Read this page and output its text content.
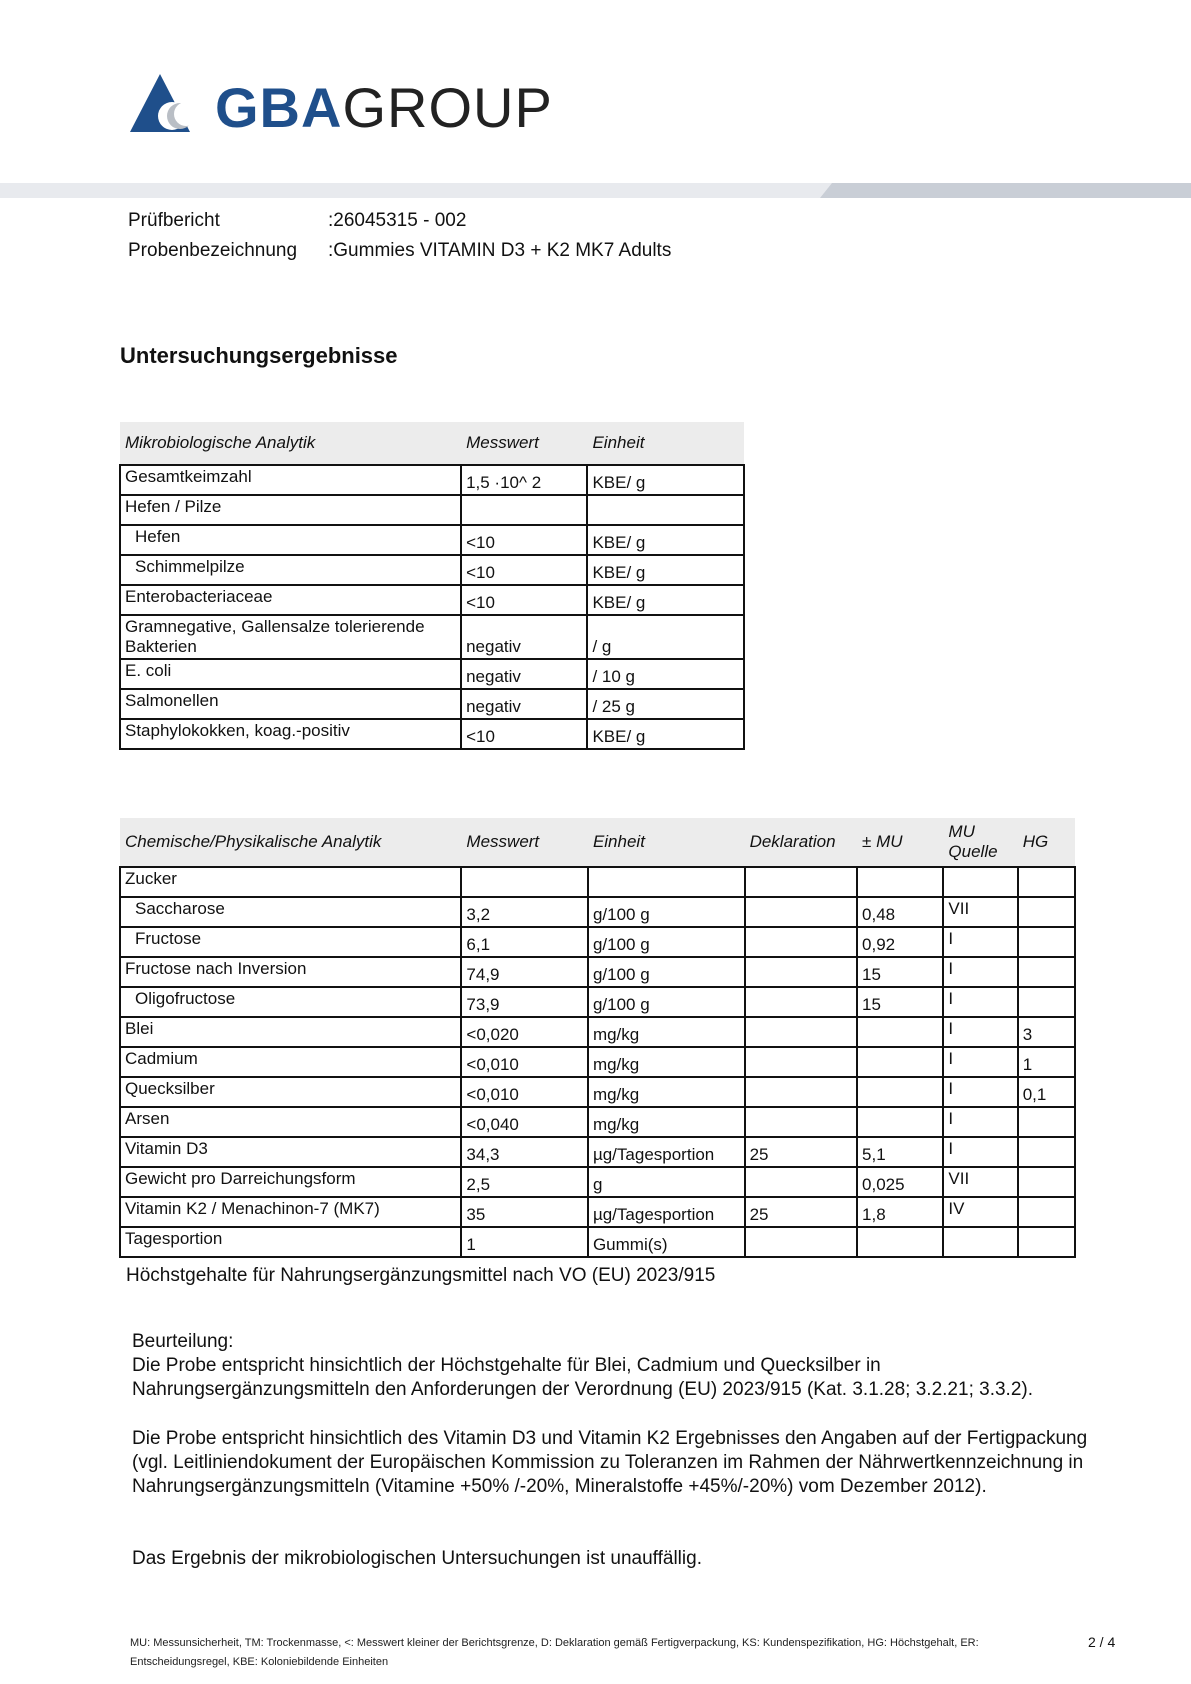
GBAGROUP
Prüfbericht	:26045315 - 002
Probenbezeichnung :Gummies VITAMIN D3 + K2 MK7 Adults
Untersuchungsergebnisse
Mikrobiologische Analytik	Messwert	Einheit
Gesamtkeimzahl	1,5 ·10^ 2	KBE/ g
Hefen / Pilze		
Hefen	<10	KBE/ g
Schimmelpilze	<10	KBE/ g
Enterobacteriaceae	<10	KBE/ g
Gramnegative, Gallensalze tolerierende Bakterien	negativ	/ g
E. coli	negativ	/ 10 g
Salmonellen	negativ	/ 25 g
Staphylokokken, koag.-positiv	<10	KBE/ g
Chemische/Physikalische Analytik	Messwert	Einheit	Deklaration	± MU	MU Quelle	HG
Zucker						
Saccharose	3,2	g/100 g		0,48	VII	
Fructose	6,1	g/100 g		0,92	I	
Fructose nach Inversion	74,9	g/100 g		15	I	
Oligofructose	73,9	g/100 g		15	I	
Blei	<0,020	mg/kg			I	3
Cadmium	<0,010	mg/kg			I	1
Quecksilber	<0,010	mg/kg			I	0,1
Arsen	<0,040	mg/kg			I	
Vitamin D3	34,3	µg/Tagesportion	25	5,1	I	
Gewicht pro Darreichungsform	2,5	g		0,025	VII	
Vitamin K2 / Menachinon-7 (MK7)	35	µg/Tagesportion	25	1,8	IV	
Tagesportion	1	Gummi(s)				
Höchstgehalte für Nahrungsergänzungsmittel nach VO (EU) 2023/915
Beurteilung:
Die Probe entspricht hinsichtlich der Höchstgehalte für Blei, Cadmium und Quecksilber in Nahrungsergänzungsmitteln den Anforderungen der Verordnung (EU) 2023/915 (Kat. 3.1.28; 3.2.21; 3.3.2).
Die Probe entspricht hinsichtlich des Vitamin D3 und Vitamin K2 Ergebnisses den Angaben auf der Fertigpackung (vgl. Leitliniendokument der Europäischen Kommission zu Toleranzen im Rahmen der Nährwertkennzeichnung in Nahrungsergänzungsmitteln (Vitamine +50% /-20%, Mineralstoffe +45%/-20%) vom Dezember 2012).
Das Ergebnis der mikrobiologischen Untersuchungen ist unauffällig.
MU: Messunsicherheit, TM: Trockenmasse, <: Messwert kleiner der Berichtsgrenze, D: Deklaration gemäß Fertigverpackung, KS: Kundenspezifikation, HG: Höchstgehalt, ER: Entscheidungsregel, KBE: Koloniebildende Einheiten
2 / 4
